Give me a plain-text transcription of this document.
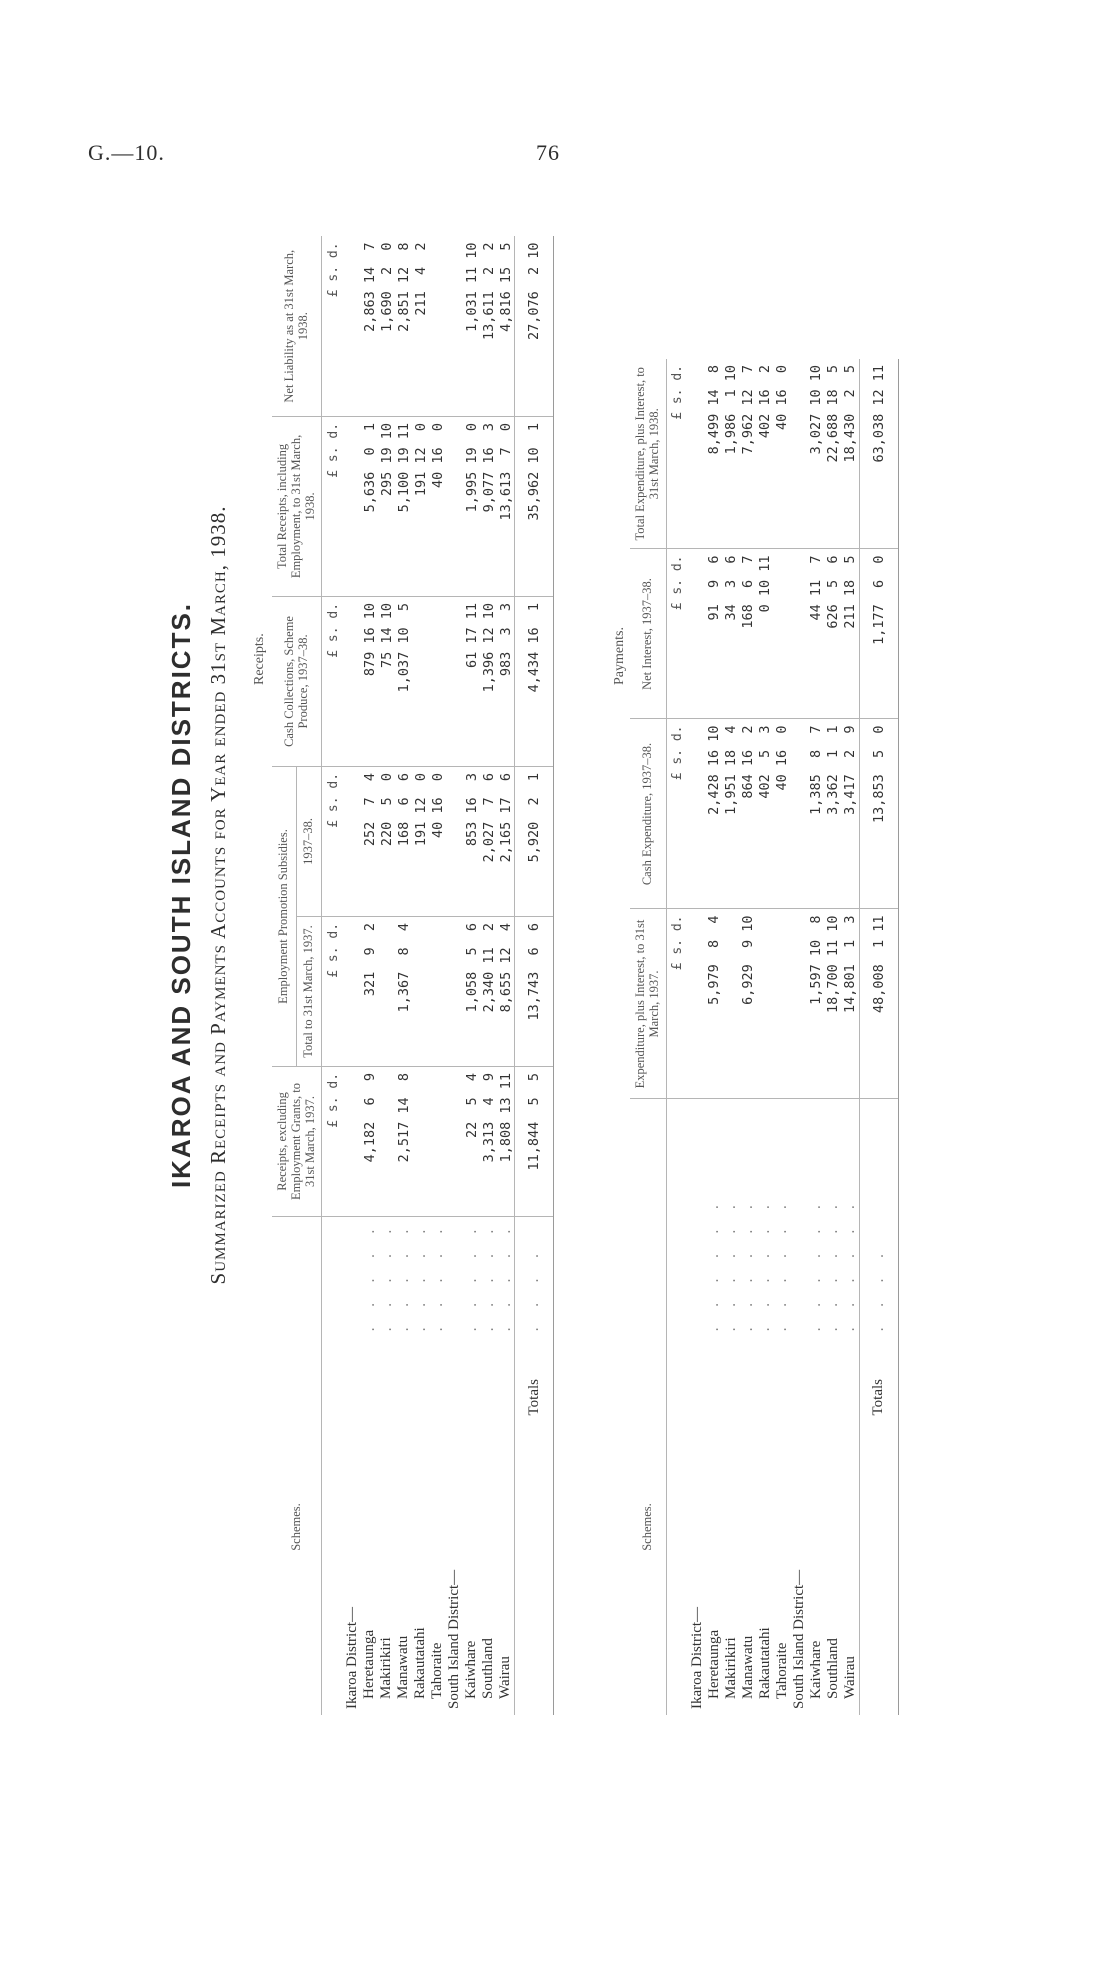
G.—10.	76
IKAROA AND SOUTH ISLAND DISTRICTS. Summarized Receipts and Payments Accounts for Year ended 31st March, 1938. Receipts.
Schemes.		Receipts, excluding Employment Grants, to 31st March, 1937.	Employment Promotion Subsidies.		Cash Collections, Scheme Produce, 1937–38.	Total Receipts, including Employment, to 31st March, 1938.	Net Liability as at 31st March, 1938.
			Total to 31st March, 1937.	1937–38.			
		£ s. d.	£ s. d.	£ s. d.	£ s. d.	£ s. d.	£ s. d.
Ikaroa District—							
Heretaunga	. . . . .	4,182  6  9	321  9  2	252  7  4	879 16 10	5,636  0  1	2,863 14  7
Makirikiri	. . . . .			220  5  0	75 14 10	295 19 10	1,690  2  0
Manawatu	. . . . .	2,517 14  8	1,367  8  4	168  6  6	1,037 10  5	5,100 19 11	2,851 12  8
Rakautatahi	. . . . .			191 12  0		191 12  0	211  4  2
Tahoraite	. . . . .			40 16  0		40 16  0	
South Island District—							
Kaiwhare	. . . . .	22  5  4	1,058  5  6	853 16  3	61 17 11	1,995 19  0	1,031 11 10
Southland	. . . . .	3,313  4  9	2,340 11  2	2,027  7  6	1,396 12 10	9,077 16  3	13,611  2  2
Wairau	. . . . .	1,808 13 11	8,655 12  4	2,165 17  6	983  3  3	13,613  7  0	4,816 15  5
Totals	. . . .	11,844  5  5	13,743  6  6	5,920  2  1	4,434 16  1	35,962 10  1	27,076  2 10
Payments.
Schemes.		Expenditure, plus Interest, to 31st March, 1937.	Cash Expenditure, 1937–38.	Net Interest, 1937–38.	Total Expenditure, plus Interest, to 31st March, 1938.
		£ s. d.	£ s. d.	£ s. d.	£ s. d.
Ikaroa District—					
Heretaunga	. . . . . .	5,979  8  4	2,428 16 10	91  9  6	8,499 14  8
Makirikiri	. . . . . .		1,951 18  4	34  3  6	1,986  1 10
Manawatu	. . . . . .	6,929  9 10	864 16  2	168  6  7	7,962 12  7
Rakautatahi	. . . . . .		402  5  3	0 10 11	402 16  2
Tahoraite	. . . . . .		40 16  0		40 16  0
South Island District—					
Kaiwhare	. . . . . .	1,597 10  8	1,385  8  7	44 11  7	3,027 10 10
Southland	. . . . . .	18,700 11 10	3,362  1  1	626  5  6	22,688 18  5
Wairau	. . . . . .	14,801  1  3	3,417  2  9	211 18  5	18,430  2  5
Totals	. . . .	48,008  1 11	13,853  5  0	1,177  6  0	63,038 12 11
